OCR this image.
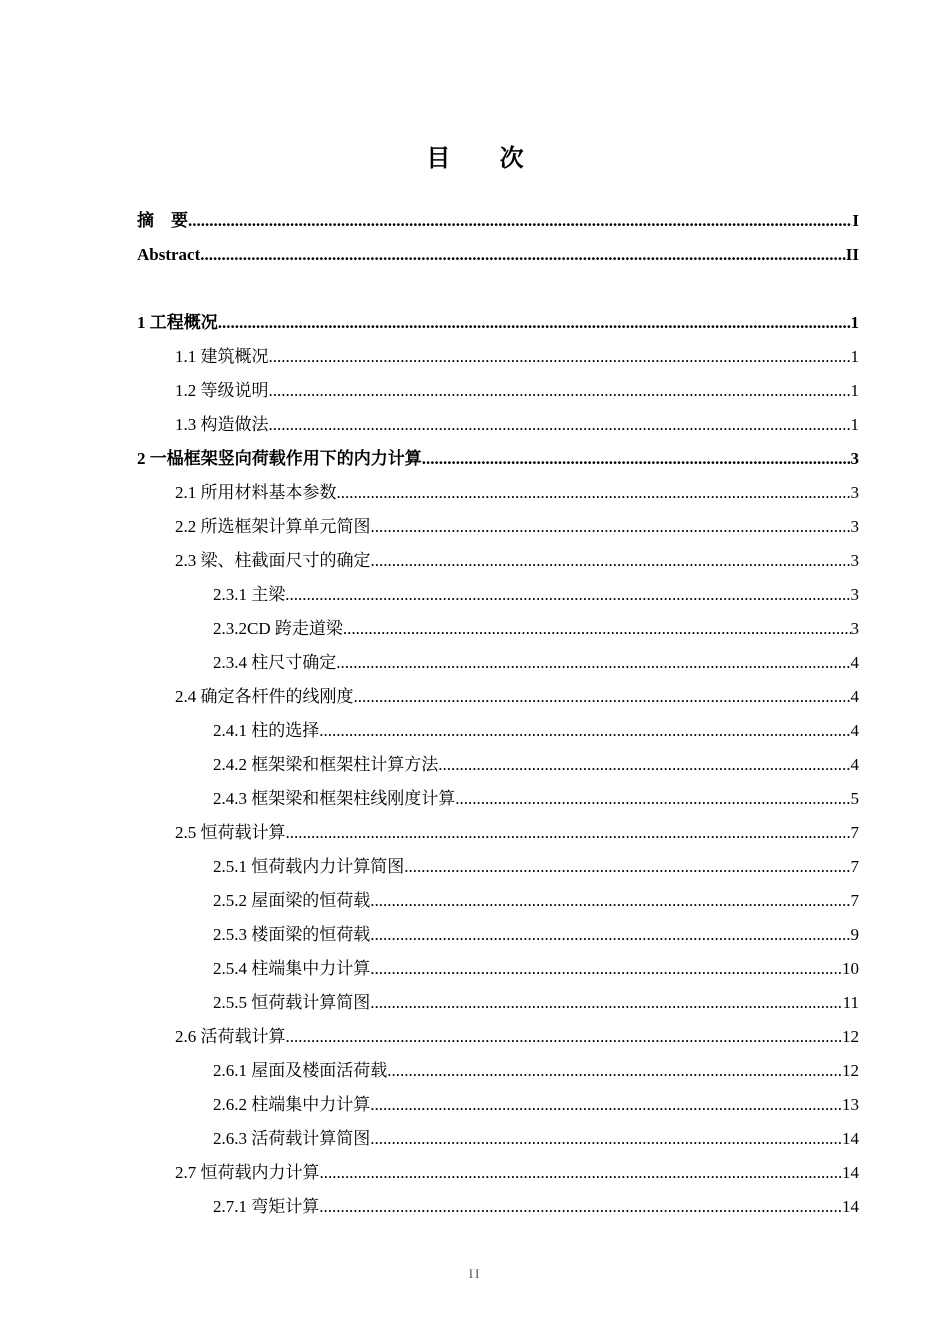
目 次
摘　要 .....	I
Abstract .....	II
1 工程概况 .....	1
1.1 建筑概况 .....	1
1.2 等级说明 .....	1
1.3 构造做法 .....	1
2 一榀框架竖向荷载作用下的内力计算 .....	3
2.1 所用材料基本参数 .....	3
2.2 所选框架计算单元简图 .....	3
2.3 梁、柱截面尺寸的确定 .....	3
2.3.1 主梁 .....	3
2.3.2CD 跨走道梁 .....	3
2.3.4 柱尺寸确定 .....	4
2.4 确定各杆件的线刚度 .....	4
2.4.1 柱的选择 .....	4
2.4.2 框架梁和框架柱计算方法 .....	4
2.4.3 框架梁和框架柱线刚度计算 .....	5
2.5 恒荷载计算 .....	7
2.5.1 恒荷载内力计算简图 .....	7
2.5.2 屋面梁的恒荷载 .....	7
2.5.3 楼面梁的恒荷载 .....	9
2.5.4 柱端集中力计算 .....	10
2.5.5 恒荷载计算简图 .....	11
2.6 活荷载计算 .....	12
2.6.1 屋面及楼面活荷载 .....	12
2.6.2 柱端集中力计算 .....	13
2.6.3 活荷载计算简图 .....	14
2.7 恒荷载内力计算 .....	14
2.7.1 弯矩计算 .....	14
II
